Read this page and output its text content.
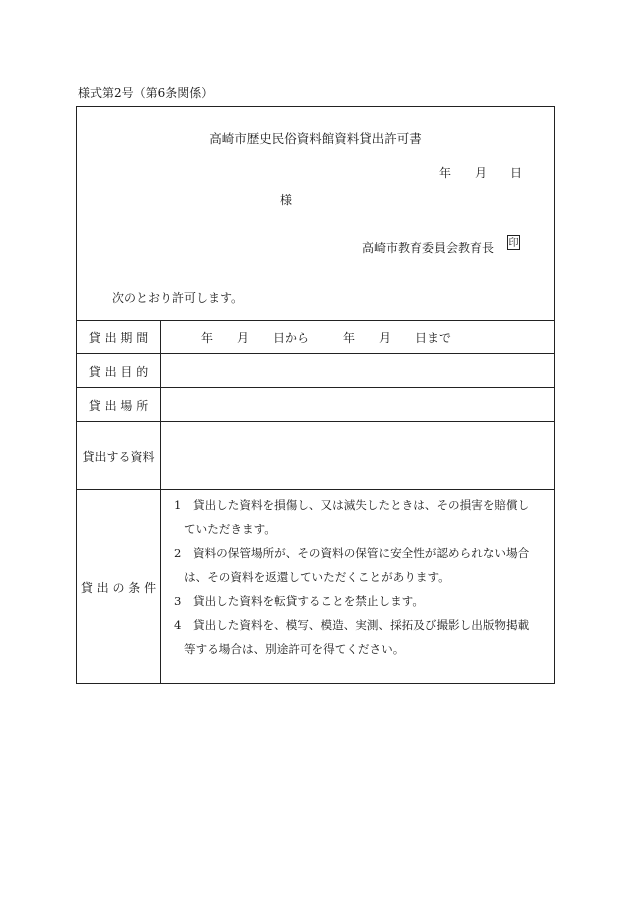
様式第2号（第6条関係）
高崎市歴史民俗資料館資料貸出許可書
年 月 日
様
高崎市教育委員会教育長 印
次のとおり許可します。
貸 出 期 間
貸 出 目 的
貸 出 場 所
貸出する資料
貸 出 の 条 件
年 月 日から	年 月 日まで

1　貸出した資料を損傷し、又は滅失したときは、その損害を賠償していただきます。

2　資料の保管場所が、その資料の保管に安全性が認められない場合は、その資料を返還していただくことがあります。

3　貸出した資料を転貸することを禁止します。

4　貸出した資料を、模写、模造、実測、採拓及び撮影し出版物掲載等する場合は、別途許可を得てください。
